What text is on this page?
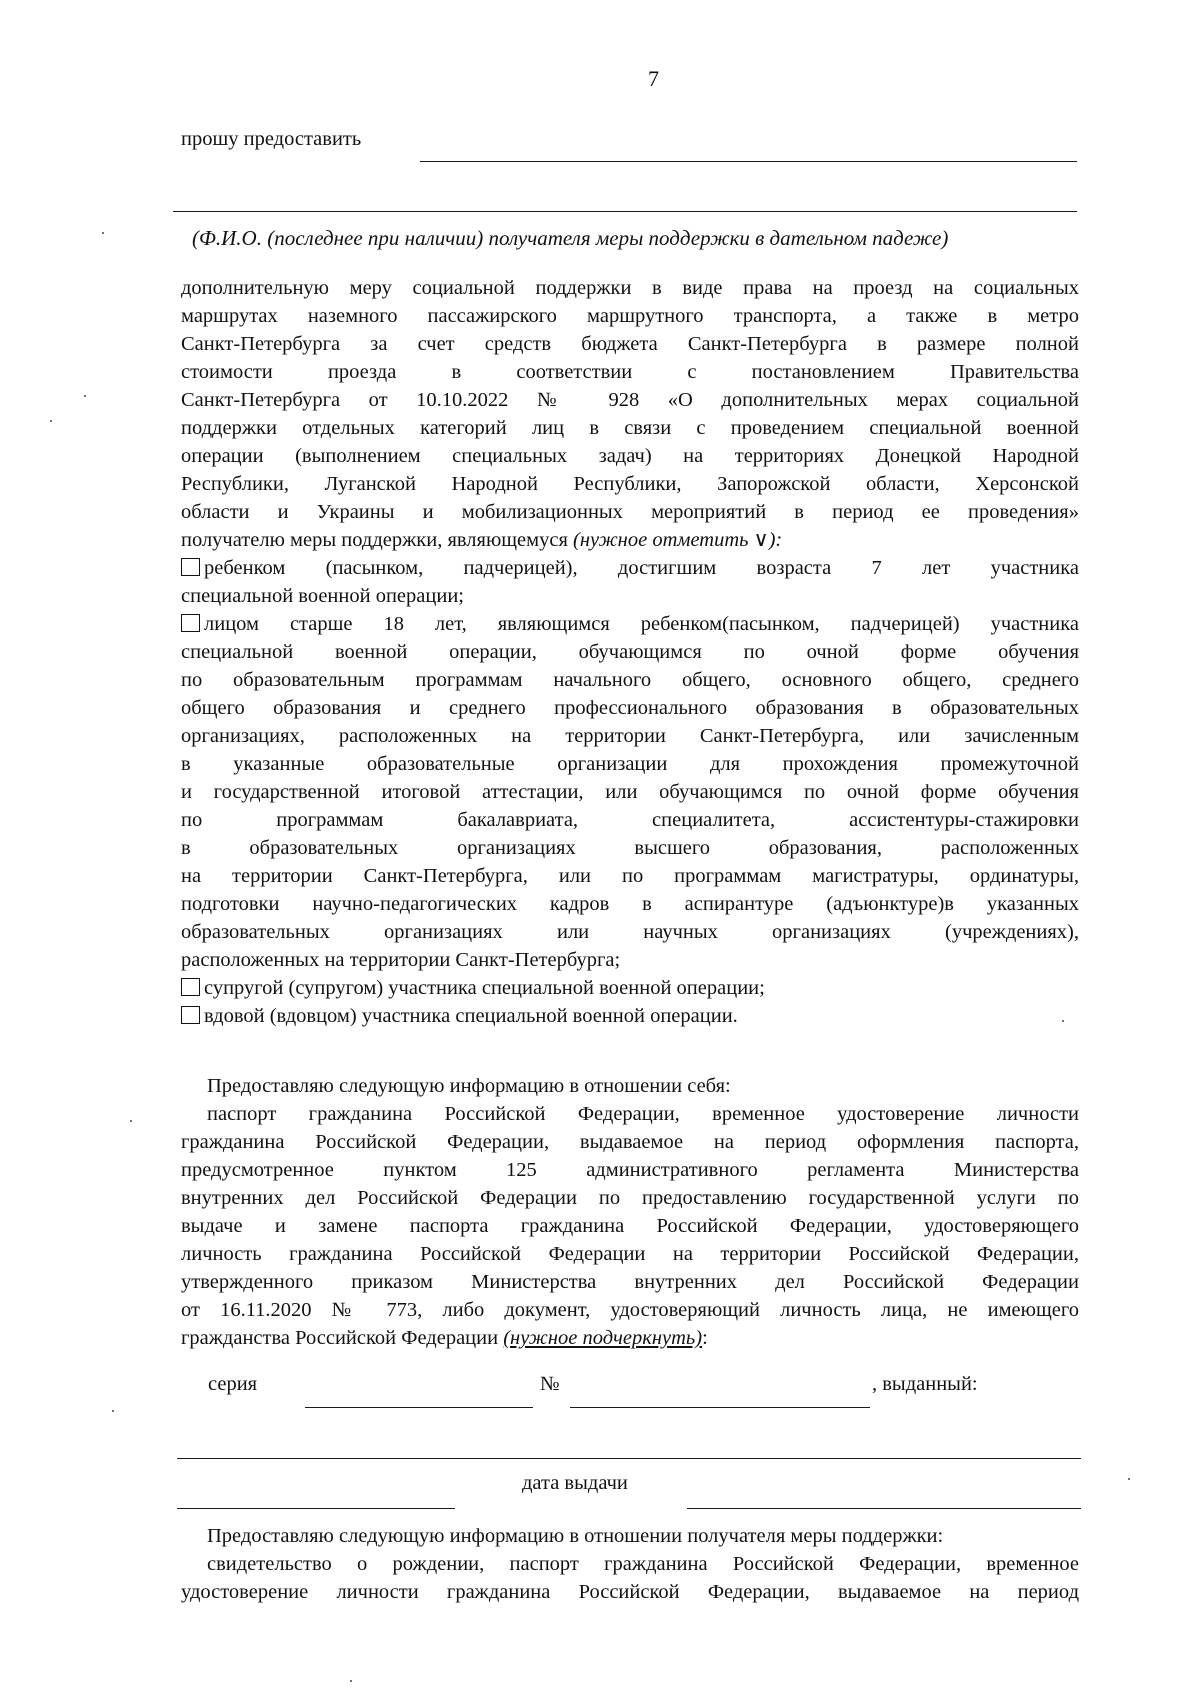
7
прошу предоставить
(Ф.И.О. (последнее при наличии) получателя меры поддержки в дательном падеже)
дополнительную меру социальной поддержки в виде права на проезд на социальных
маршрутах наземного пассажирского маршрутного транспорта, а также в метро
Санкт-Петербурга за счет средств бюджета Санкт-Петербурга в размере полной
стоимости проезда в соответствии с постановлением Правительства
Санкт-Петербурга от 10.10.2022 № 928 «О дополнительных мерах социальной
поддержки отдельных категорий лиц в связи с проведением специальной военной
операции (выполнением специальных задач) на территориях Донецкой Народной
Республики, Луганской Народной Республики, Запорожской области, Херсонской
области и Украины и мобилизационных мероприятий в период ее проведения»
получателю меры поддержки, являющемуся (нужное отметить ∨):
ребенком (пасынком, падчерицей), достигшим возраста 7 лет участника
специальной военной операции;
лицом старше 18 лет, являющимся ребенком(пасынком, падчерицей) участника
специальной военной операции, обучающимся по очной форме обучения
по образовательным программам начального общего, основного общего, среднего
общего образования и среднего профессионального образования в образовательных
организациях, расположенных на территории Санкт-Петербурга, или зачисленным
в указанные образовательные организации для прохождения промежуточной
и государственной итоговой аттестации, или обучающимся по очной форме обучения
по программам бакалавриата, специалитета, ассистентуры-стажировки
в образовательных организациях высшего образования, расположенных
на территории Санкт-Петербурга, или по программам магистратуры, ординатуры,
подготовки научно-педагогических кадров в аспирантуре (адъюнктуре)в указанных
образовательных организациях или научных организациях (учреждениях),
расположенных на территории Санкт-Петербурга;
супругой (супругом) участника специальной военной операции;
вдовой (вдовцом) участника специальной военной операции.
Предоставляю следующую информацию в отношении себя:
паспорт гражданина Российской Федерации, временное удостоверение личности
гражданина Российской Федерации, выдаваемое на период оформления паспорта,
предусмотренное пунктом 125 административного регламента Министерства
внутренних дел Российской Федерации по предоставлению государственной услуги по
выдаче и замене паспорта гражданина Российской Федерации, удостоверяющего
личность гражданина Российской Федерации на территории Российской Федерации,
утвержденного приказом Министерства внутренних дел Российской Федерации
от 16.11.2020 № 773, либо документ, удостоверяющий личность лица, не имеющего
гражданства Российской Федерации (нужное подчеркнуть):
серия	№	, выданный:
дата выдачи
Предоставляю следующую информацию в отношении получателя меры поддержки:
свидетельство о рождении, паспорт гражданина Российской Федерации, временное
удостоверение личности гражданина Российской Федерации, выдаваемое на период
